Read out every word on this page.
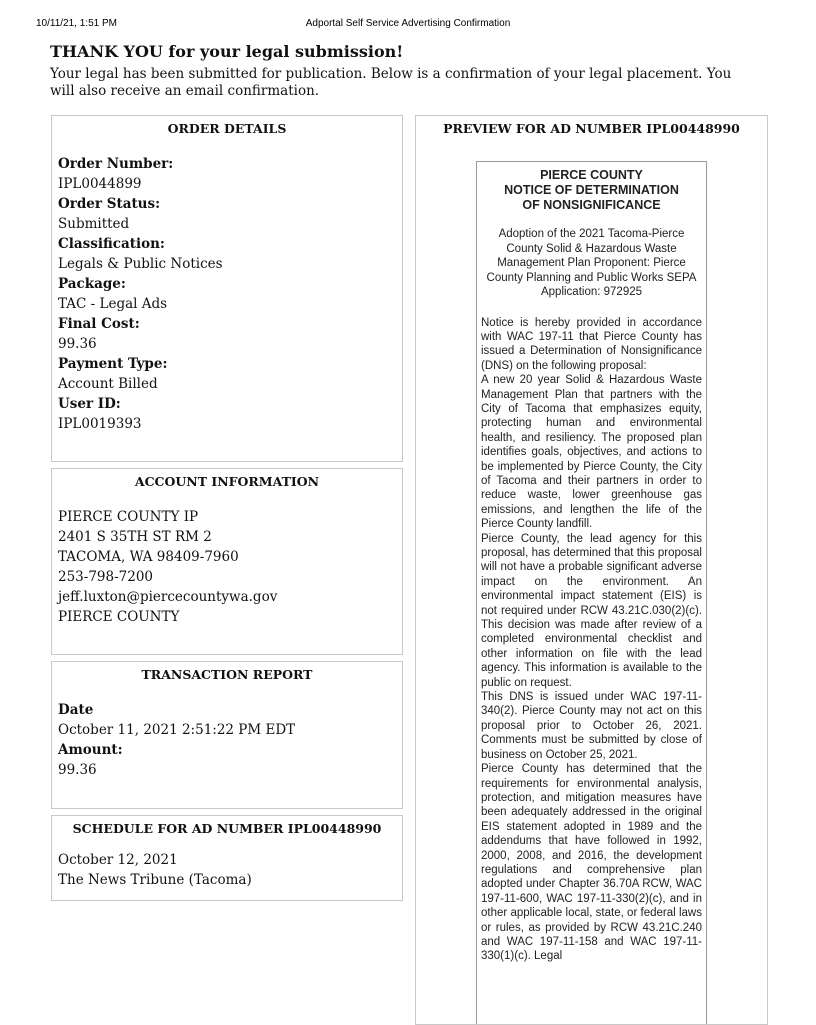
10/11/21, 1:51 PM	Adportal Self Service Advertising Confirmation
THANK YOU for your legal submission!

Your legal has been submitted for publication. Below is a confirmation of your legal placement. You will also receive an email confirmation.

ORDER DETAILS
Order Number:
IPL0044899
Order Status:
Submitted
Classification:
Legals & Public Notices
Package:
TAC - Legal Ads
Final Cost:
99.36
Payment Type:
Account Billed
User ID:
IPL0019393
ACCOUNT INFORMATION
PIERCE COUNTY IP
2401 S 35TH ST RM 2
TACOMA, WA 98409-7960
253-798-7200
jeff.luxton@piercecountywa.gov
PIERCE COUNTY
TRANSACTION REPORT
Date
October 11, 2021 2:51:22 PM EDT
Amount:
99.36
SCHEDULE FOR AD NUMBER IPL00448990
October 12, 2021
The News Tribune (Tacoma)
PREVIEW FOR AD NUMBER IPL00448990
PIERCE COUNTY
NOTICE OF DETERMINATION
OF NONSIGNIFICANCE
Adoption of the 2021 Tacoma-Pierce County Solid & Hazardous Waste Management Plan Proponent: Pierce County Planning and Public Works SEPA Application: 972925

Notice is hereby provided in accordance with WAC 197-11 that Pierce County has issued a Determination of Nonsignificance (DNS) on the following proposal:

A new 20 year Solid & Hazardous Waste Management Plan that partners with the City of Tacoma that emphasizes equity, protecting human and environmental health, and resiliency. The proposed plan identifies goals, objectives, and actions to be implemented by Pierce County, the City of Tacoma and their partners in order to reduce waste, lower greenhouse gas emissions, and lengthen the life of the Pierce County landfill.

Pierce County, the lead agency for this proposal, has determined that this proposal will not have a probable significant adverse impact on the environment. An environmental impact statement (EIS) is not required under RCW 43.21C.030(2)(c). This decision was made after review of a completed environmental checklist and other information on file with the lead agency. This information is available to the public on request.

This DNS is issued under WAC 197-11-340(2). Pierce County may not act on this proposal prior to October 26, 2021. Comments must be submitted by close of business on October 25, 2021.

Pierce County has determined that the requirements for environmental analysis, protection, and mitigation measures have been adequately addressed in the original EIS statement adopted in 1989 and the addendums that have followed in 1992, 2000, 2008, and 2016, the development regulations and comprehensive plan adopted under Chapter 36.70A RCW, WAC 197-11-600, WAC 197-11-330(2)(c), and in other applicable local, state, or federal laws or rules, as provided by RCW 43.21C.240 and WAC 197-11-158 and WAC 197-11-330(1)(c). Legal
